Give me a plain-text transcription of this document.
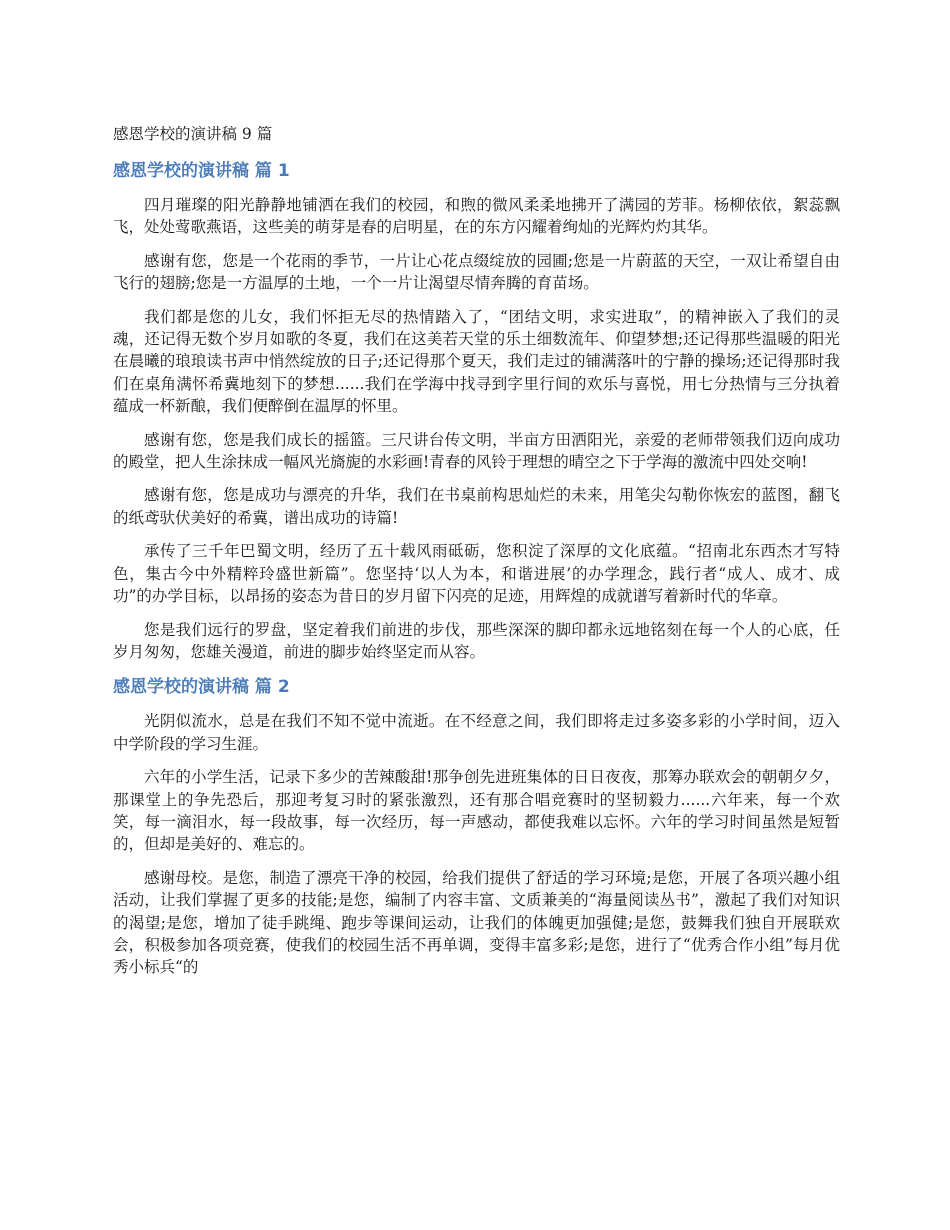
感恩学校的演讲稿 9 篇
感恩学校的演讲稿 篇 1

四月璀璨的阳光静静地铺洒在我们的校园，和煦的微风柔柔地拂开了满园的芳菲。杨柳依依，絮蕊飘飞，处处莺歌燕语，这些美的萌芽是春的启明星，在的东方闪耀着绚灿的光辉灼灼其华。

感谢有您，您是一个花雨的季节，一片让心花点缀绽放的园圃;您是一片蔚蓝的天空，一双让希望自由飞行的翅膀;您是一方温厚的土地，一个一片让渴望尽情奔腾的育苗场。

我们都是您的儿女，我们怀拒无尽的热情踏入了，“团结文明，求实进取”，的精神嵌入了我们的灵魂，还记得无数个岁月如歌的冬夏，我们在这美若天堂的乐土细数流年、仰望梦想;还记得那些温暖的阳光在晨曦的琅琅读书声中悄然绽放的日子;还记得那个夏天，我们走过的铺满落叶的宁静的操场;还记得那时我们在桌角满怀希冀地刻下的梦想......我们在学海中找寻到字里行间的欢乐与喜悦，用七分热情与三分执着蕴成一杯新酿，我们便醉倒在温厚的怀里。

感谢有您，您是我们成长的摇篮。三尺讲台传文明，半亩方田洒阳光，亲爱的老师带领我们迈向成功的殿堂，把人生涂抹成一幅风光旖旎的水彩画!青春的风铃于理想的晴空之下于学海的激流中四处交响!

感谢有您，您是成功与漂亮的升华，我们在书桌前构思灿烂的未来，用笔尖勾勒你恢宏的蓝图，翻飞的纸鸢驮伏美好的希冀，谱出成功的诗篇!

承传了三千年巴蜀文明，经历了五十载风雨砥砺，您积淀了深厚的文化底蕴。“招南北东西杰才写特色，集古今中外精粹玲盛世新篇”。您坚持‘以人为本，和谐进展’的办学理念，践行者“成人、成才、成功”的办学目标，以昂扬的姿态为昔日的岁月留下闪亮的足迹，用辉煌的成就谱写着新时代的华章。

您是我们远行的罗盘，坚定着我们前进的步伐，那些深深的脚印都永远地铭刻在每一个人的心底，任岁月匆匆，您雄关漫道，前进的脚步始终坚定而从容。

感恩学校的演讲稿 篇 2

光阴似流水，总是在我们不知不觉中流逝。在不经意之间，我们即将走过多姿多彩的小学时间，迈入中学阶段的学习生涯。

六年的小学生活，记录下多少的苦辣酸甜!那争创先进班集体的日日夜夜，那筹办联欢会的朝朝夕夕，那课堂上的争先恐后，那迎考复习时的紧张激烈，还有那合唱竞赛时的坚韧毅力......六年来，每一个欢笑，每一滴泪水，每一段故事，每一次经历，每一声感动，都使我难以忘怀。六年的学习时间虽然是短暂的，但却是美好的、难忘的。

感谢母校。是您，制造了漂亮干净的校园，给我们提供了舒适的学习环境;是您，开展了各项兴趣小组活动，让我们掌握了更多的技能;是您，编制了内容丰富、文质兼美的“海量阅读丛书”，激起了我们对知识的渴望;是您，增加了徒手跳绳、跑步等课间运动，让我们的体魄更加强健;是您，鼓舞我们独自开展联欢会，积极参加各项竞赛，使我们的校园生活不再单调，变得丰富多彩;是您，进行了“优秀合作小组”每月优秀小标兵“的
